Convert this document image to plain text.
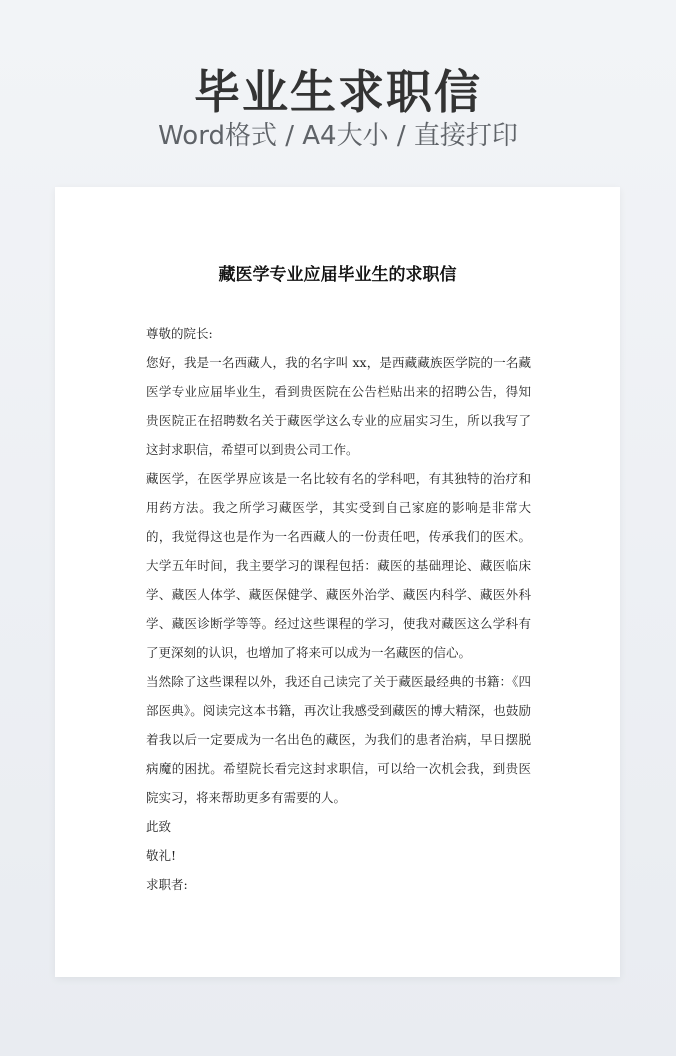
毕业生求职信
Word格式 / A4大小 / 直接打印
藏医学专业应届毕业生的求职信

尊敬的院长:

您好，我是一名西藏人，我的名字叫 xx，是西藏藏族医学院的一名藏医学专业应届毕业生，看到贵医院在公告栏贴出来的招聘公告，得知贵医院正在招聘数名关于藏医学这么专业的应届实习生，所以我写了这封求职信，希望可以到贵公司工作。

藏医学，在医学界应该是一名比较有名的学科吧，有其独特的治疗和用药方法。我之所学习藏医学，其实受到自己家庭的影响是非常大的，我觉得这也是作为一名西藏人的一份责任吧，传承我们的医术。大学五年时间，我主要学习的课程包括：藏医的基础理论、藏医临床学、藏医人体学、藏医保健学、藏医外治学、藏医内科学、藏医外科学、藏医诊断学等等。经过这些课程的学习，使我对藏医这么学科有了更深刻的认识，也增加了将来可以成为一名藏医的信心。

当然除了这些课程以外，我还自己读完了关于藏医最经典的书籍：《四部医典》。阅读完这本书籍，再次让我感受到藏医的博大精深，也鼓励着我以后一定要成为一名出色的藏医，为我们的患者治病，早日摆脱病魔的困扰。希望院长看完这封求职信，可以给一次机会我，到贵医院实习，将来帮助更多有需要的人。

此致

敬礼!

求职者:
